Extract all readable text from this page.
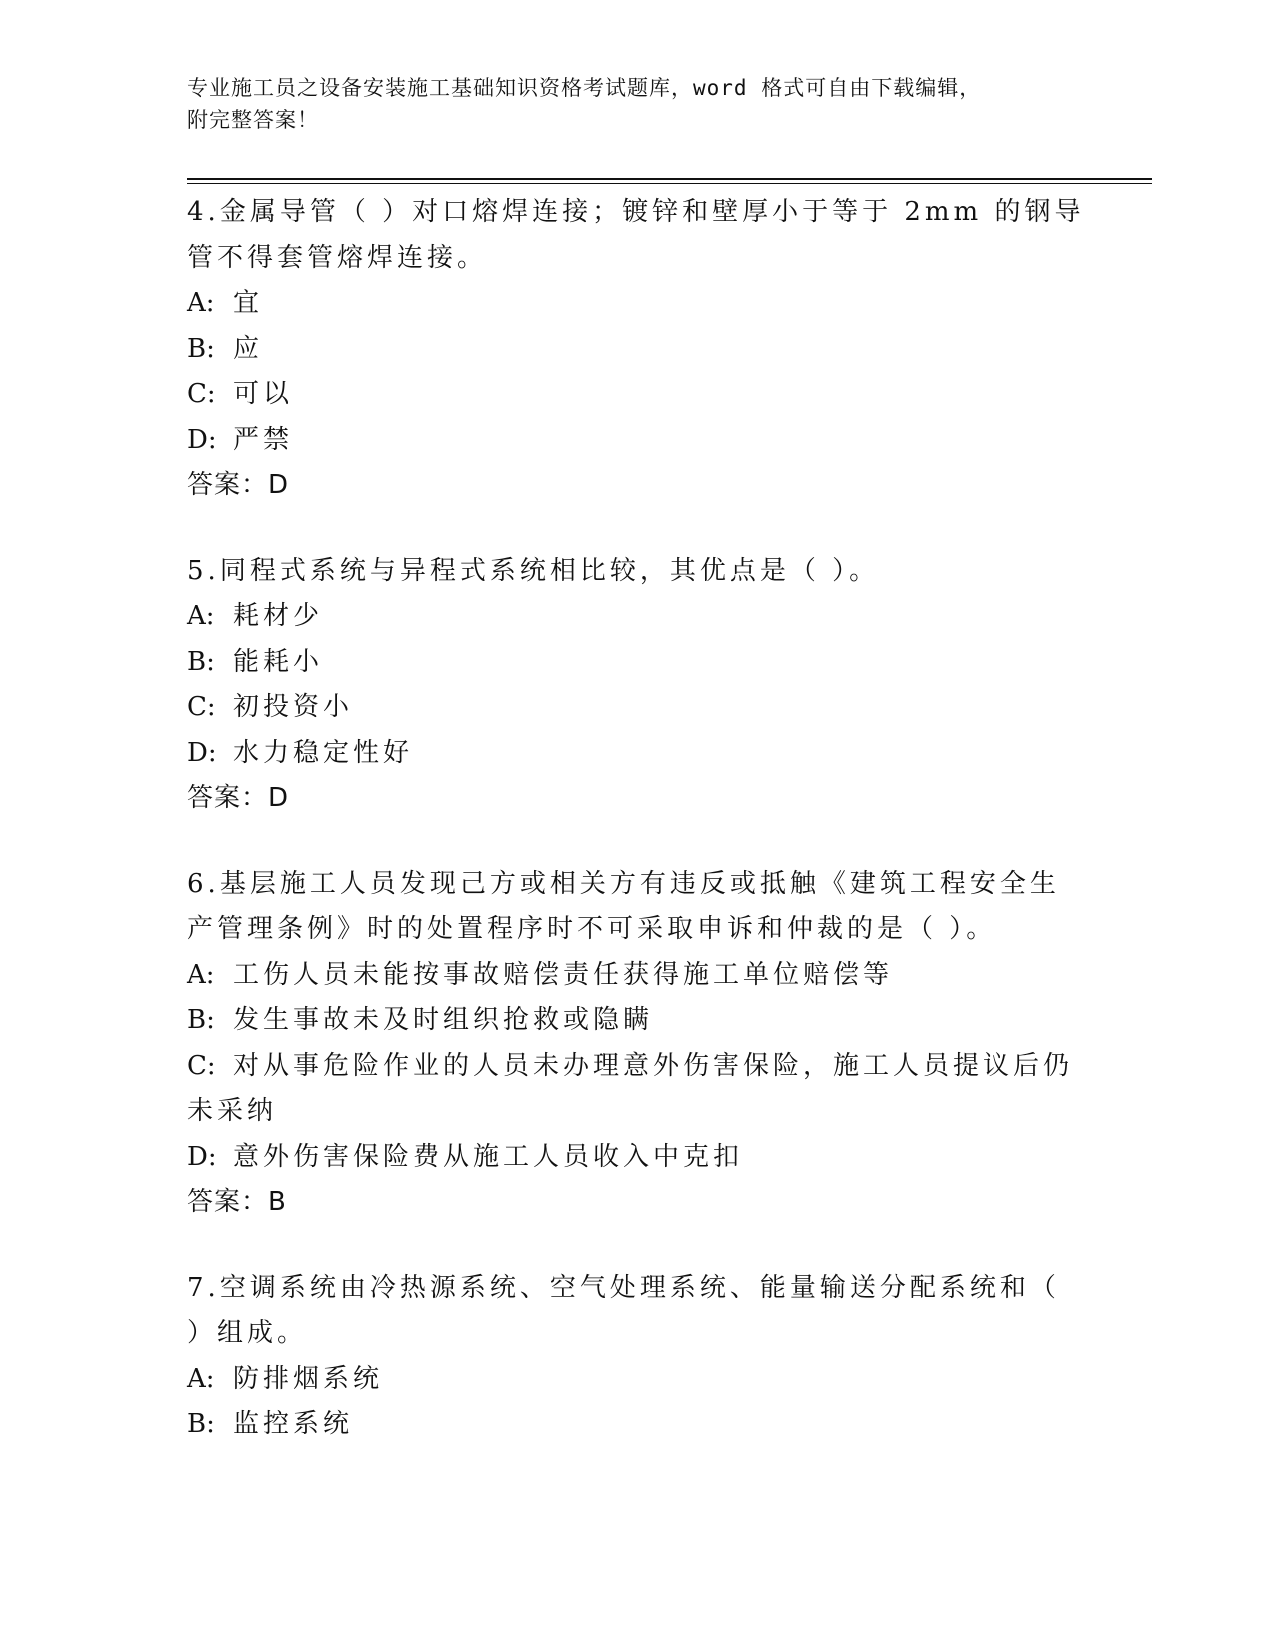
专业施工员之设备安装施工基础知识资格考试题库，word 格式可自由下载编辑，
附完整答案！
4.金属导管（ ）对口熔焊连接；镀锌和壁厚小于等于 2mm 的钢导管不得套管熔焊连接。
A: 宜
B: 应
C: 可以
D: 严禁
答案：D
5.同程式系统与异程式系统相比较，其优点是（ ）。
A: 耗材少
B: 能耗小
C: 初投资小
D: 水力稳定性好
答案：D
6.基层施工人员发现己方或相关方有违反或抵触《建筑工程安全生产管理条例》时的处置程序时不可采取申诉和仲裁的是（ ）。
A: 工伤人员未能按事故赔偿责任获得施工单位赔偿等
B: 发生事故未及时组织抢救或隐瞒
C: 对从事危险作业的人员未办理意外伤害保险，施工人员提议后仍未采纳
D: 意外伤害保险费从施工人员收入中克扣
答案：B
7.空调系统由冷热源系统、空气处理系统、能量输送分配系统和（ ）组成。
A: 防排烟系统
B: 监控系统
